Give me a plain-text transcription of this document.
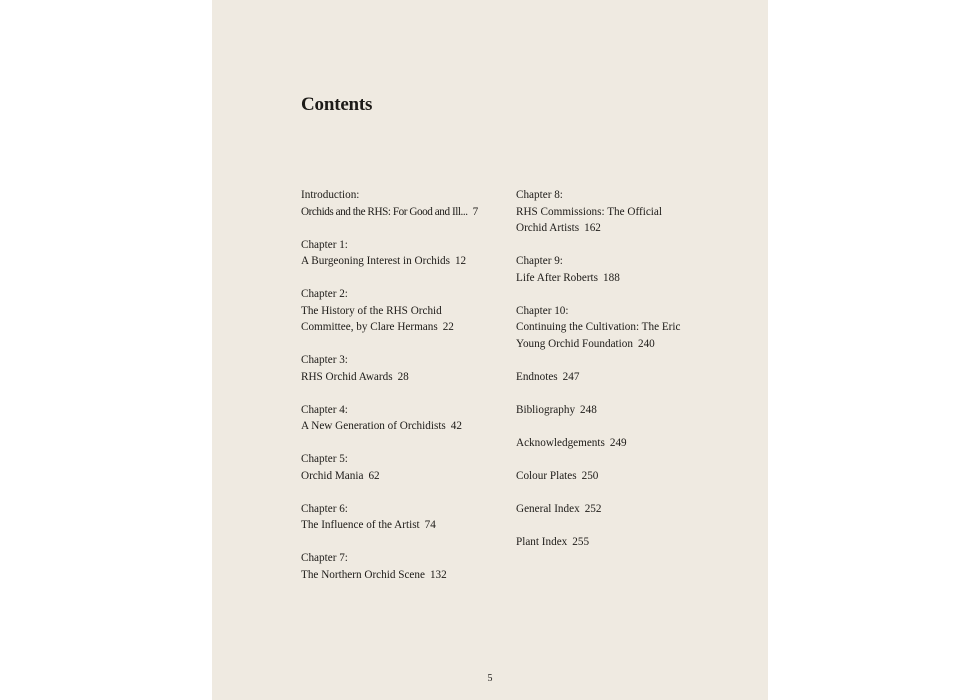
Contents
Introduction:
Orchids and the RHS: For Good and Ill... 7
Chapter 1:
A Burgeoning Interest in Orchids 12
Chapter 2:
The History of the RHS Orchid Committee, by Clare Hermans 22
Chapter 3:
RHS Orchid Awards 28
Chapter 4:
A New Generation of Orchidists 42
Chapter 5:
Orchid Mania 62
Chapter 6:
The Influence of the Artist 74
Chapter 7:
The Northern Orchid Scene 132
Chapter 8:
RHS Commissions: The Official Orchid Artists 162
Chapter 9:
Life After Roberts 188
Chapter 10:
Continuing the Cultivation: The Eric Young Orchid Foundation 240
Endnotes 247
Bibliography 248
Acknowledgements 249
Colour Plates 250
General Index 252
Plant Index 255
5
